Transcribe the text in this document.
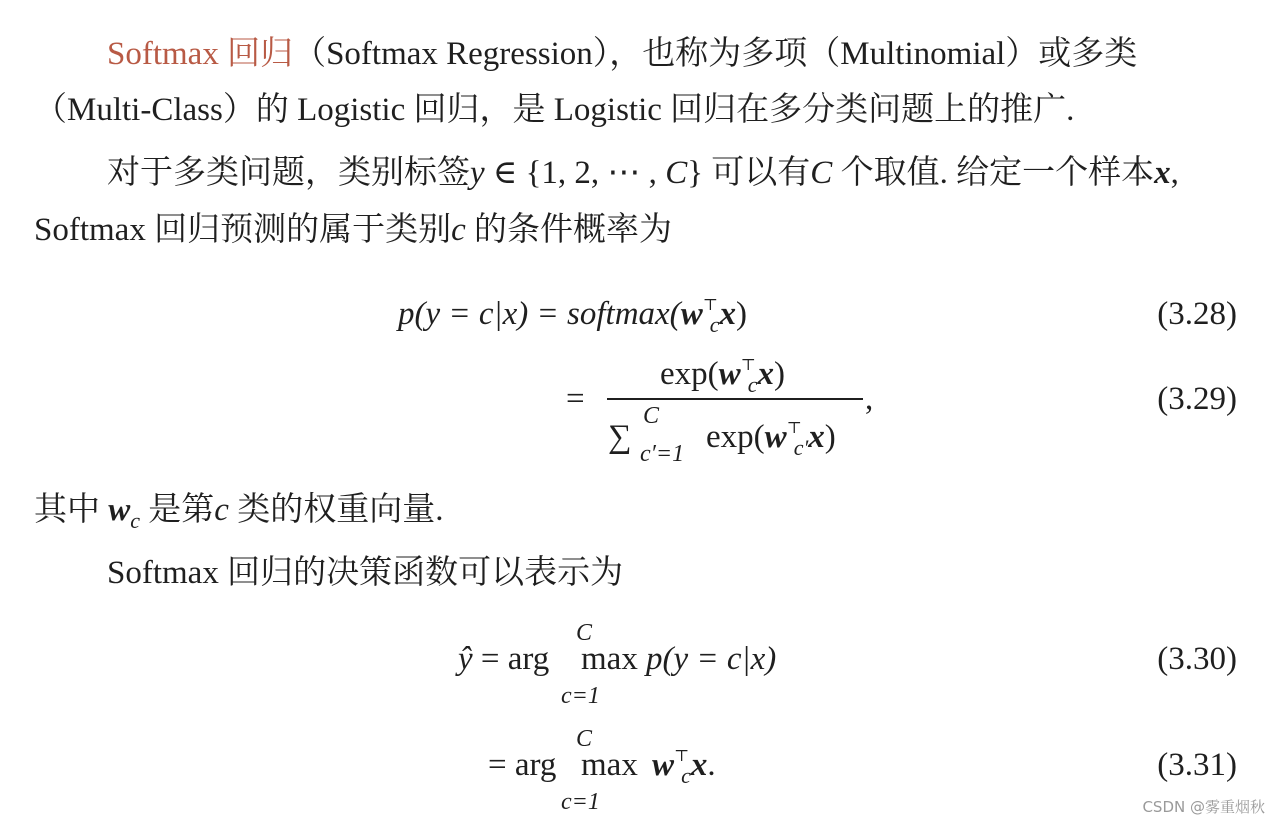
Softmax 回归（Softmax Regression），也称为多项（Multinomial）或多类
（Multi-Class）的 Logistic 回归，是 Logistic 回归在多分类问题上的推广.
对于多类问题，类别标签y ∈ {1, 2, ⋯ , C} 可以有C 个取值. 给定一个样本x,
Softmax 回归预测的属于类别c 的条件概率为
$p(y = c|x) = softmax(w^⊤_cx)$	(3.28)
=
$\exp(w^⊤_cx)$
∑
C
c′=1 $\exp(w^⊤_{c'}x)$
,	(3.29)
其中 $w_c$ 是第c 类的权重向量.
Softmax 回归的决策函数可以表示为
ŷ = arg max
C
c=1
p(y = c|x)	(3.30)
= arg max
C
c=1
$w^⊤_cx$.	(3.31)
CSDN @雾重烟秋
